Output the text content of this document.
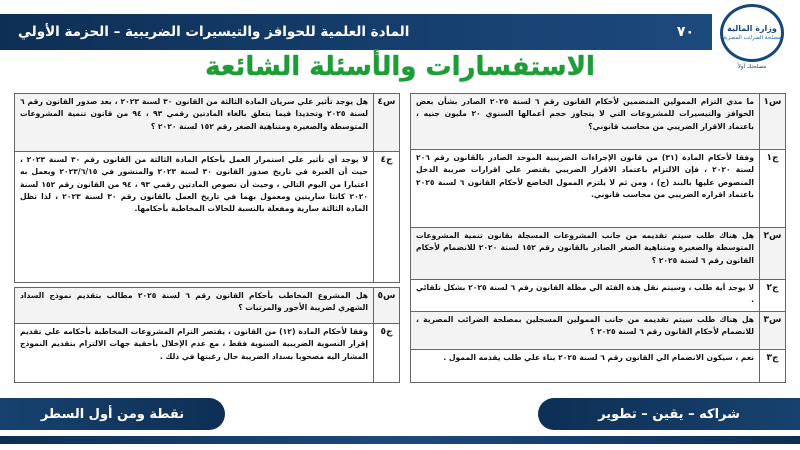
٧٠
المادة العلمية للحوافز والتيسيرات الضريبية – الحزمة الأولي	وزارة المالية
مصلحة الضرائب المصرية
مصلحتك أولاً
الاستفسارات والأسئلة الشائعة
س١
ما مدي التزام الممولين المنضمين لأحكام القانون رقم ٦ لسنة ٢٠٢٥ الصادر بشأن بعض الحوافز والتيسيرات للمشروعات التي لا يتجاوز حجم أعمالها السنوي ٢٠ مليون جنيه ، باعتماد الاقرار الضريبي من محاسب قانوني؟
ج١
وفقا لأحكام المادة (٣١) من قانون الإجراءات الضريبية الموحد الصادر بالقانون رقم ٢٠٦ لسنة ٢٠٢٠ ، فإن الالتزام باعتماد الاقرار الضريبي يقتصر علي اقرارات ضريبة الدخل المنصوص عليها بالبند (ج) ، ومن ثم لا يلتزم الممول الخاضع لأحكام القانون ٦ لسنة ٢٠٢٥ باعتماد اقراره الضريبي من محاسب قانوني.
س٢
هل هناك طلب سيتم تقديمه من جانب المشروعات المسجلة بقانون تنمية المشروعات المتوسطة والصغيرة ومتناهية الصغر الصادر بالقانون رقم ١٥٢ لسنة ٢٠٢٠ للانضمام لأحكام القانون رقم ٦ لسنة ٢٠٢٥ ؟
ج٢
لا يوجد أية طلب ، وسيتم نقل هذة الفئة الي مظلة القانون رقم ٦ لسنة ٢٠٢٥ بشكل تلقائي .
س٣
هل هناك طلب سيتم تقديمه من جانب الممولين المسجلين بمصلحة الضرائب المصرية ، للانضمام لأحكام القانون رقم ٦ لسنة ٢٠٢٥ ؟
ج٣
نعم ، سيكون الانضمام الي القانون رقم ٦ لسنة ٢٠٢٥ بناء علي طلب يقدمه الممول .
س٤
هل يوجد تأثير علي سريان المادة الثالثة من القانون ٣٠ لسنة ٢٠٢٣ ، بعد صدور القانون رقم ٦ لسنة ٢٠٢٥ وتحديدا فيما يتعلق بالغاء المادتين رقمي ٩٣ ، ٩٤ من قانون تنمية المشروعات المتوسطة والصغيرة ومتناهية الصغر رقم ١٥٢ لسنة ٢٠٢٠ ؟
ج٤
لا يوجد أي تأثير علي استمرار العمل بأحكام المادة الثالثة من القانون رقم ٣٠ لسنة ٢٠٢٣ ، حيث أن العبرة في تاريخ صدور القانون ٣٠ لسنة ٢٠٢٣ والمنشور في ٢٠٢٣/٦/١٥ ويعمل به اعتبارا من اليوم التالي ، وحيث أن نصوص المادتين رقمي ٩٣ ، ٩٤ من القانون رقم ١٥٢ لسنة ٢٠٢٠ كانتا ساريتين ومعمول بهما في تاريخ العمل بالقانون رقم ٣٠ لسنة ٢٠٢٣ ، لذا تظل المادة الثالثة سارية ومفعلة بالنسبة للحالات المخاطبة بأحكامها.
س٥
هل المشروع المخاطب بأحكام القانون رقم ٦ لسنة ٢٠٢٥ مطالب بتقديم نموذج السداد الشهري لضريبة الأجور والمرتبات ؟
ج٥
وفقا لأحكام المادة (١٢) من القانون ، يقتصر التزام المشروعات المخاطبة بأحكامه علي تقديم إقرار التسوية الضريبية السنوية فقط ، مع عدم الإخلال بأحقية جهات الالتزام بتقديم النموذج المشار اليه مصحوبا بسداد الضريبة حال رغبتها في ذلك .
نقطة ومن أول السطر	شراكه – يقين – تطوير
